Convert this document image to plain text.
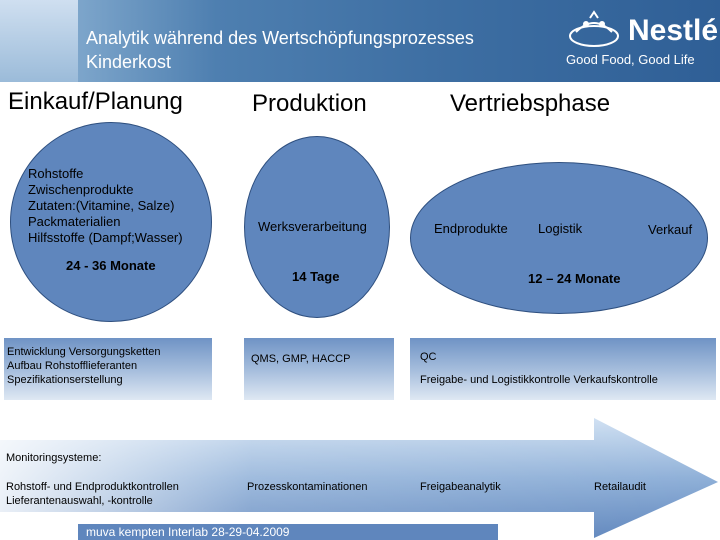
Analytik während des Wertschöpfungsprozesses
Kinderkost
Nestlé
Good Food, Good Life
Einkauf/Planung	Produktion	Vertriebsphase
Rohstoffe
Zwischenprodukte
Zutaten:(Vitamine, Salze)
Packmaterialien
Hilfsstoffe (Dampf;Wasser)
24 - 36 Monate
Werksverarbeitung
14 Tage
Endprodukte Logistik	Verkauf
12 – 24 Monate
Entwicklung Versorgungsketten
Aufbau Rohstofflieferanten
Spezifikationserstellung
QMS, GMP, HACCP	QC
Freigabe- und Logistikkontrolle Verkaufskontrolle
Monitoringsysteme:
Rohstoff- und Endproduktkontrollen
Lieferantenauswahl, -kontrolle
Prozesskontaminationen	Freigabeanalytik	Retailaudit
muva kempten Interlab 28-29-04.2009
